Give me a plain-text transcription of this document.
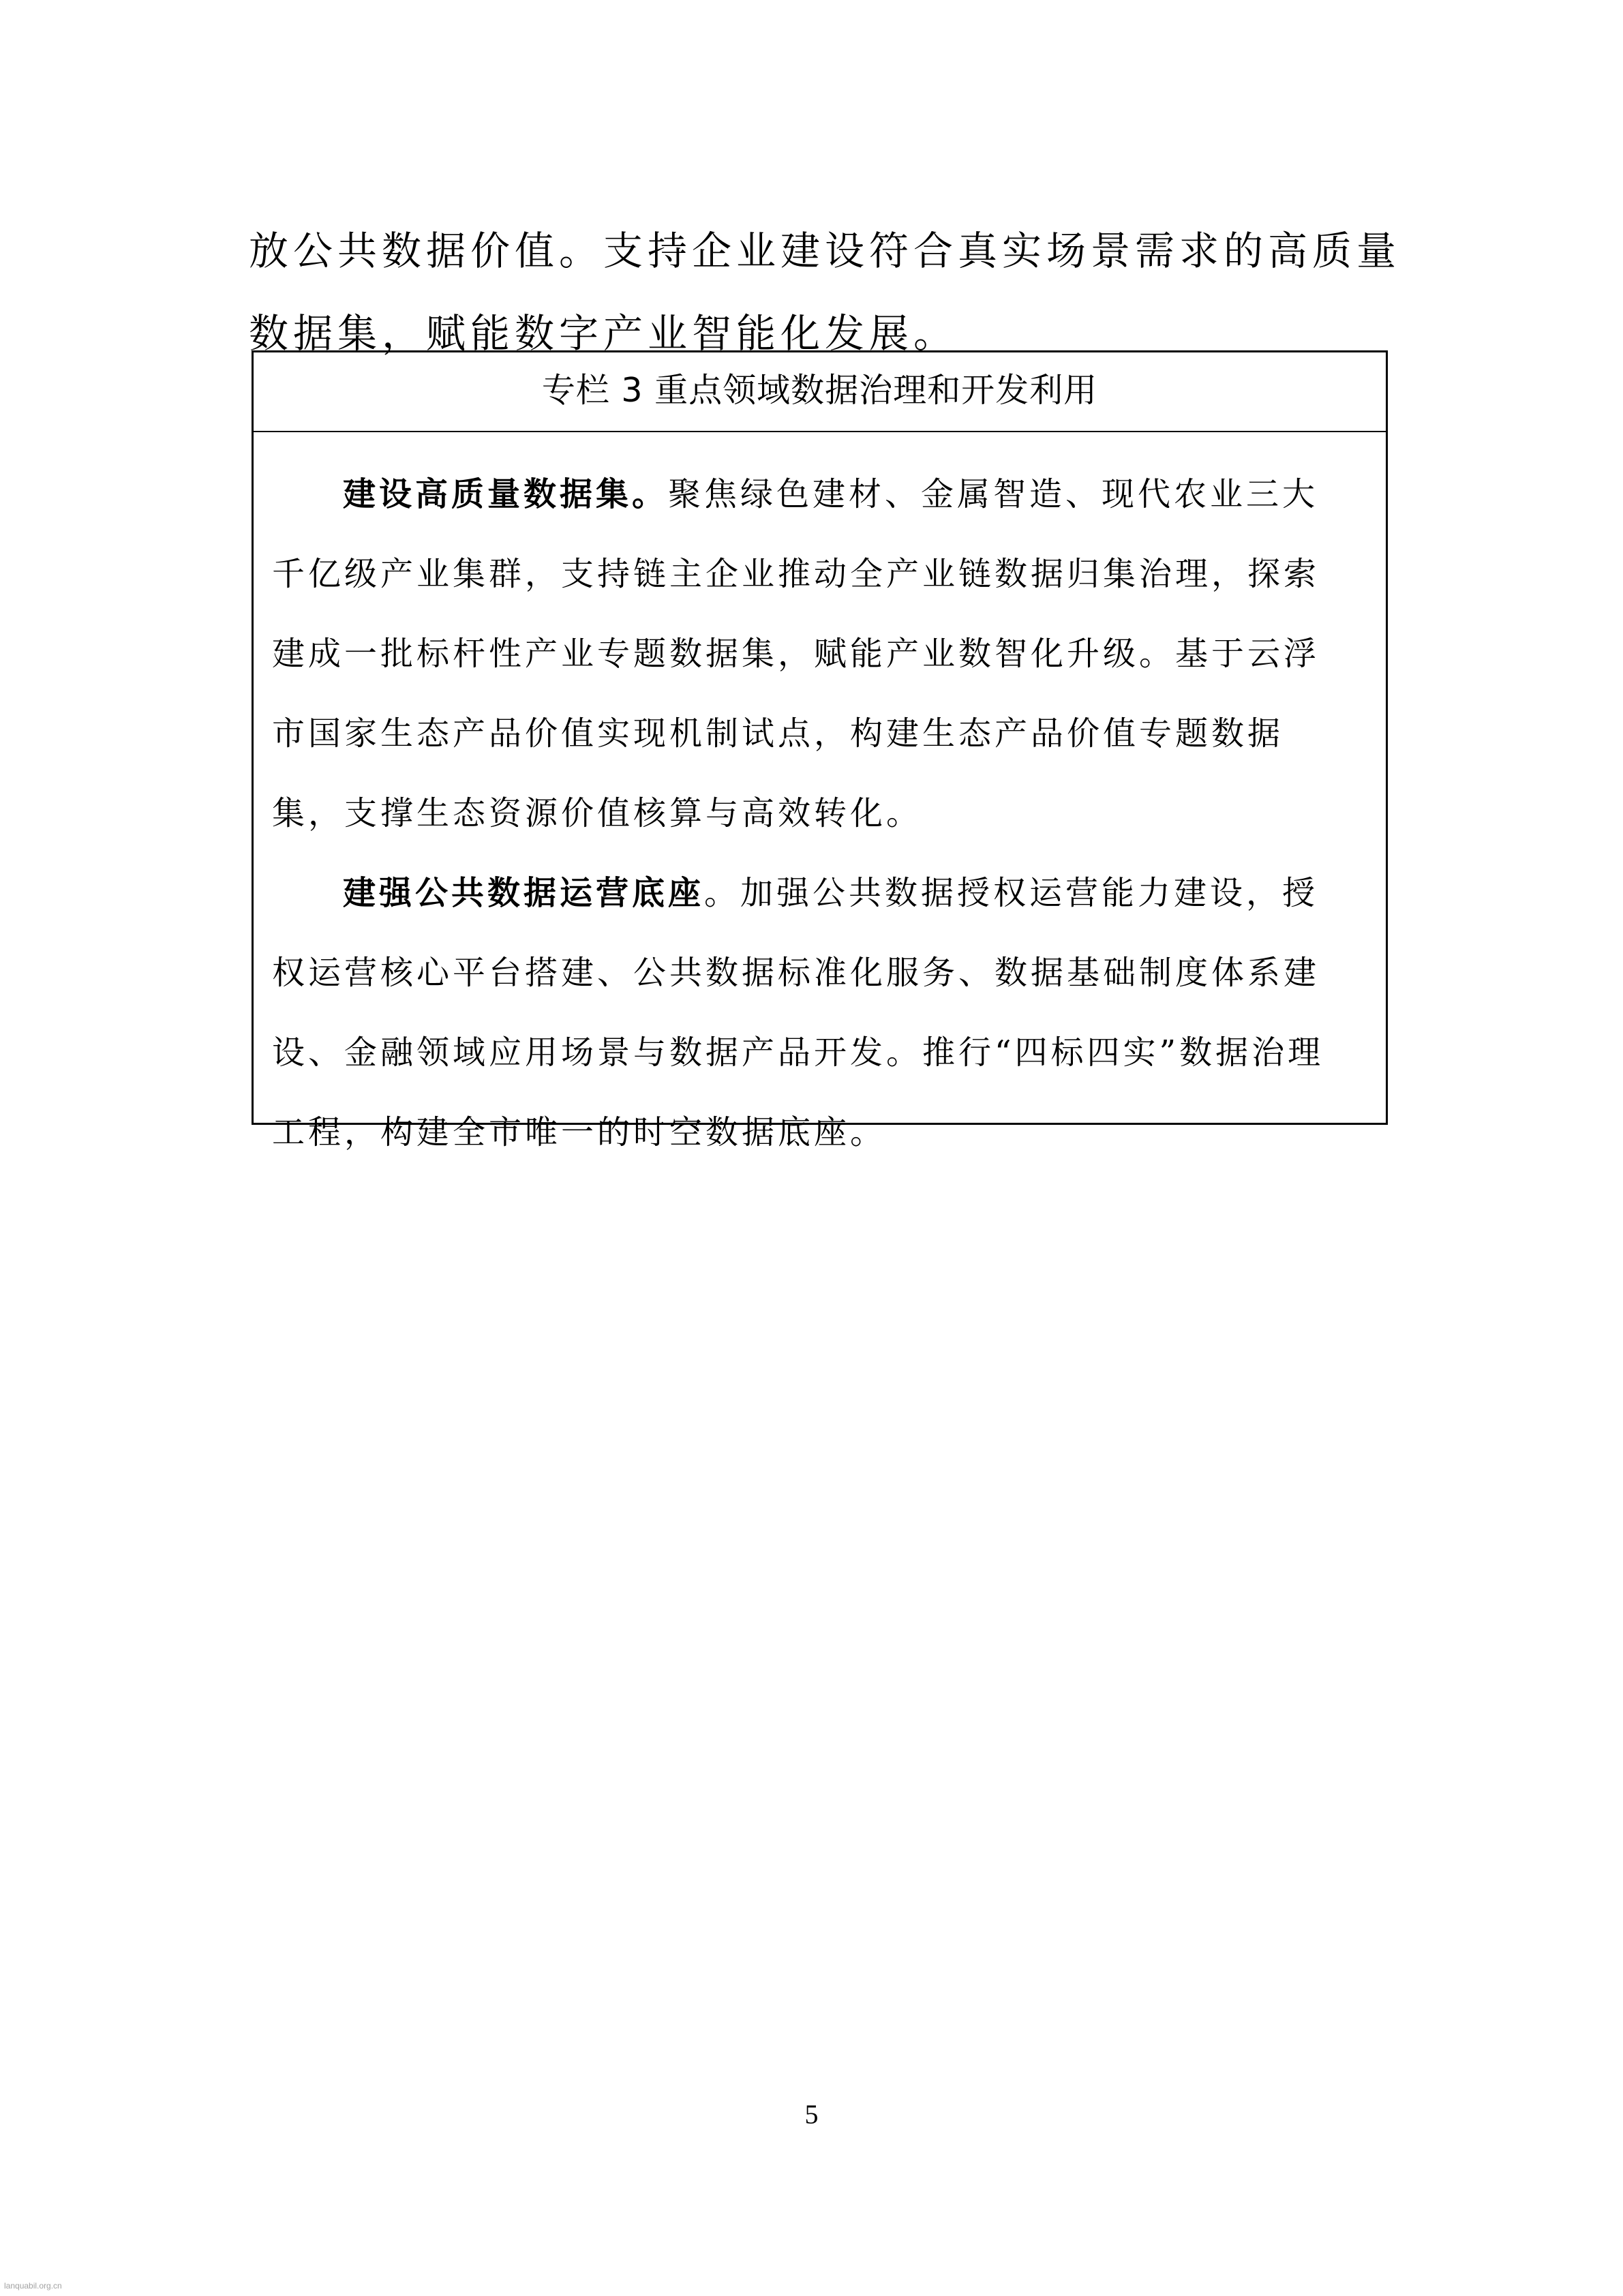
放公共数据价值。支持企业建设符合真实场景需求的高质量
数据集，赋能数字产业智能化发展。
专栏 3 重点领域数据治理和开发利用
建设高质量数据集。聚焦绿色建材、金属智造、现代农业三大
千亿级产业集群，支持链主企业推动全产业链数据归集治理，探索
建成一批标杆性产业专题数据集，赋能产业数智化升级。基于云浮
市国家生态产品价值实现机制试点，构建生态产品价值专题数据
集，支撑生态资源价值核算与高效转化。
建强公共数据运营底座。加强公共数据授权运营能力建设，授
权运营核心平台搭建、公共数据标准化服务、数据基础制度体系建
设、金融领域应用场景与数据产品开发。推行“四标四实”数据治理
工程，构建全市唯一的时空数据底座。
5
lanquabil.org.cn
